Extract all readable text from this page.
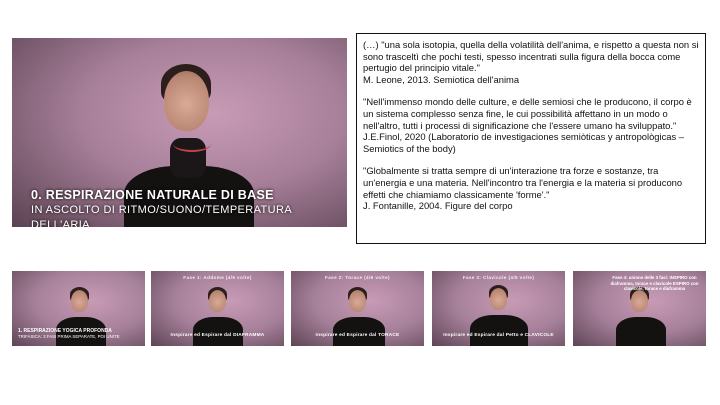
0. RESPIRAZIONE NATURALE DI BASE
IN ASCOLTO DI RITMO/SUONO/TEMPERATURA
DELL'ARIA

(…) "una sola isotopia, quella della volatilità dell'anima, e rispetto a questa non si sono trasceltì che pochi testi, spesso incentrati sulla figura della bocca come pertugio del principio vitale."

M. Leone, 2013. Semiotica dell'anima

"Nell'immenso mondo delle culture, e delle semiosi che le producono, il corpo è un sistema complesso senza fine, le cui possibilità affettano in un modo o nell'altro, tutti i processi di significazione che l'essere umano ha sviluppato."

J.E.Finol, 2020 (Laboratorio de investigaciones semiòticas y antropològicas – Semiotics of the body)

"Globalmente si tratta sempre di un'interazione tra forze e sostanze, tra un'energia e una materia. Nell'incontro tra l'energia e la materia si producono effetti che chiamiamo classicamente 'forme'."

J. Fontanille, 2004. Figure del corpo

1. RESPIRAZIONE YOGICA PROFONDA
TRIFASICA: 3 FASI PRIMA SEPARATE, POI UNITE
Fase 1: Addome (4/6 volte)
Inspirare ed Espirare dal DIAFRAMMA
Fase 2: Torace (4/6 volte)
Inspirare ed Espirare dal TORACE
Fase 3: Clavicole (4/6 volte)
Inspirare ed Espirare dal Petto e CLAVICOLE
Fase 4: unione delle 3 fasi: INSPIRO con diaframma, torace e clavicole ESPIRO con clavicole, torace e diaframma
